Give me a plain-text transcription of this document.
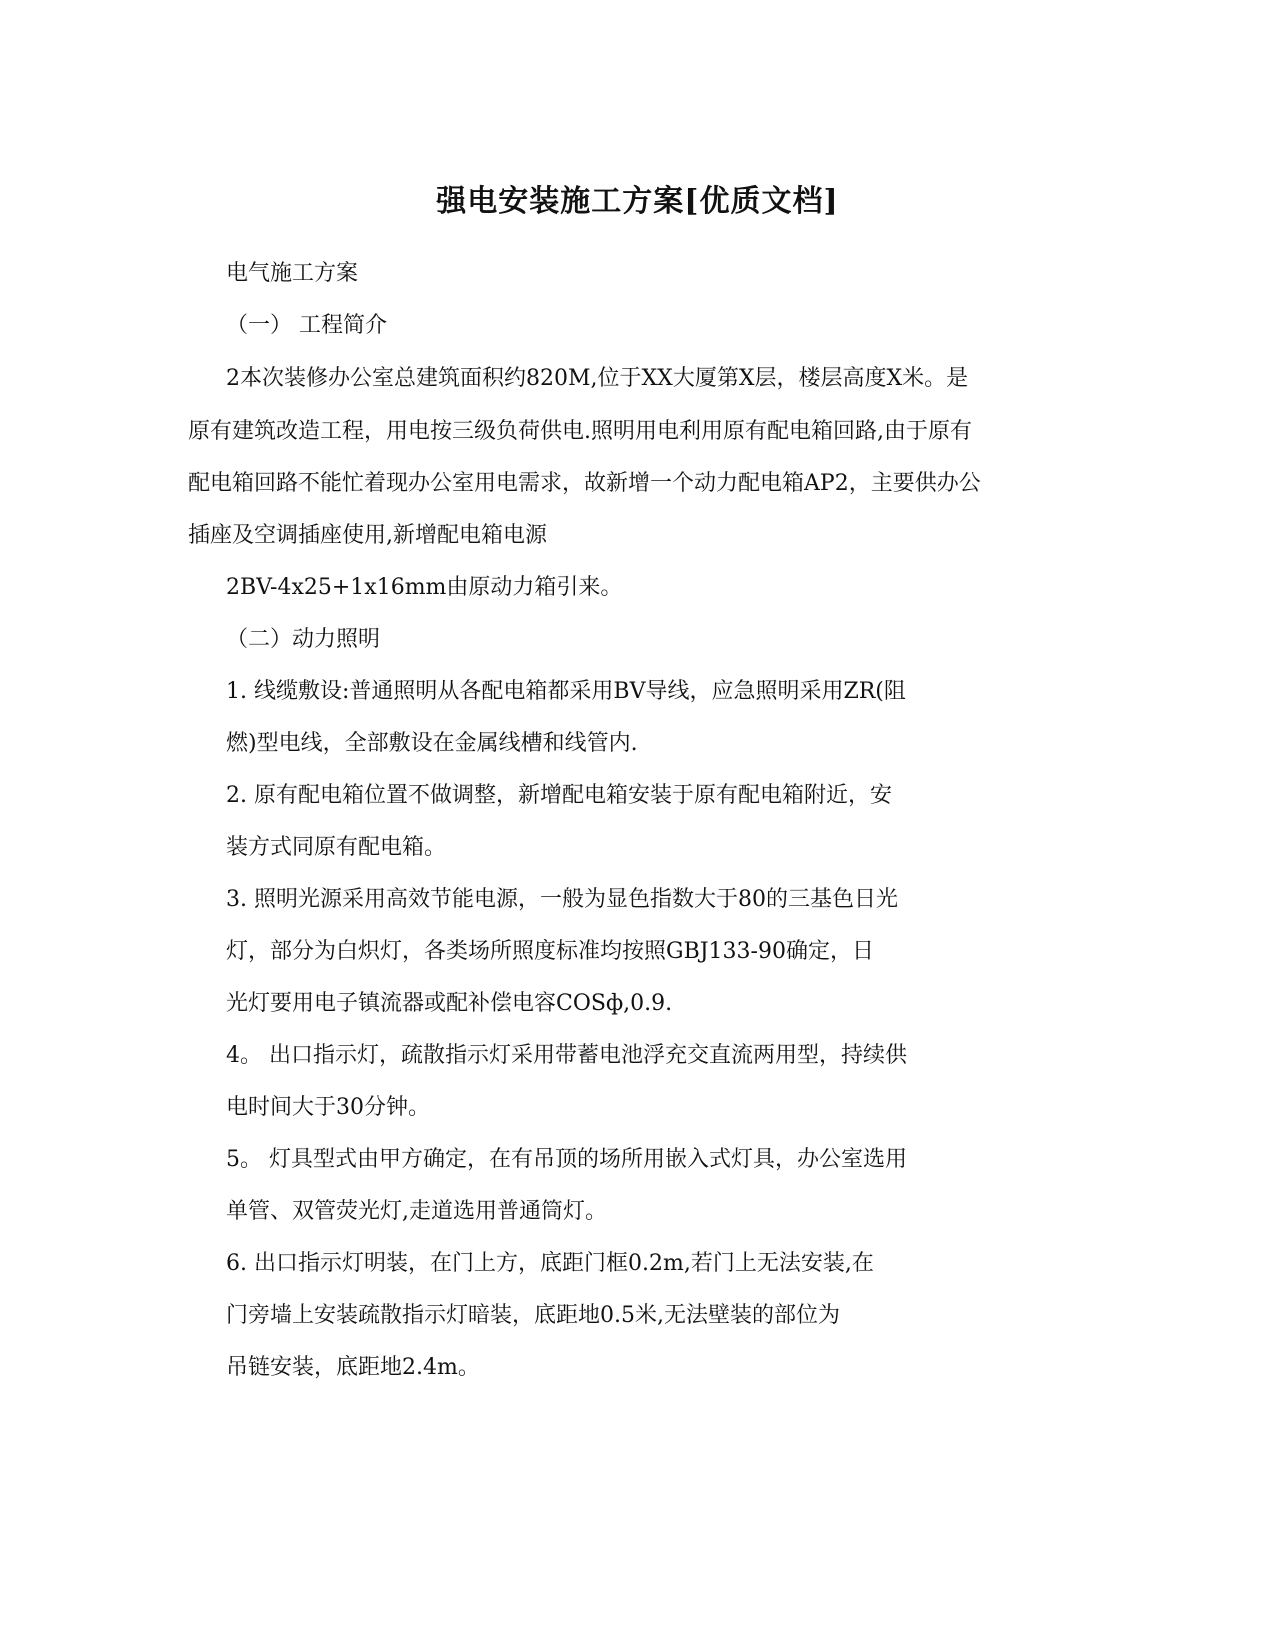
强电安装施工方案[优质文档]
电气施工方案
（一） 工程简介
2本次装修办公室总建筑面积约820M,位于XX大厦第X层，楼层高度X米。是
原有建筑改造工程，用电按三级负荷供电.照明用电利用原有配电箱回路,由于原有
配电箱回路不能忙着现办公室用电需求，故新增一个动力配电箱AP2，主要供办公
插座及空调插座使用,新增配电箱电源
2BV-4x25+1x16mm由原动力箱引来。
（二）动力照明
1. 线缆敷设:普通照明从各配电箱都采用BV导线，应急照明采用ZR(阻
燃)型电线，全部敷设在金属线槽和线管内.
2. 原有配电箱位置不做调整，新增配电箱安装于原有配电箱附近，安
装方式同原有配电箱。
3. 照明光源采用高效节能电源，一般为显色指数大于80的三基色日光
灯，部分为白炽灯，各类场所照度标准均按照GBJ133-90确定，日
光灯要用电子镇流器或配补偿电容COSф,0.9.
4。 出口指示灯，疏散指示灯采用带蓄电池浮充交直流两用型，持续供
电时间大于30分钟。
5。 灯具型式由甲方确定，在有吊顶的场所用嵌入式灯具，办公室选用
单管、双管荧光灯,走道选用普通筒灯。
6. 出口指示灯明装，在门上方，底距门框0.2m,若门上无法安装,在
门旁墙上安装疏散指示灯暗装，底距地0.5米,无法壁装的部位为
吊链安装，底距地2.4m。
